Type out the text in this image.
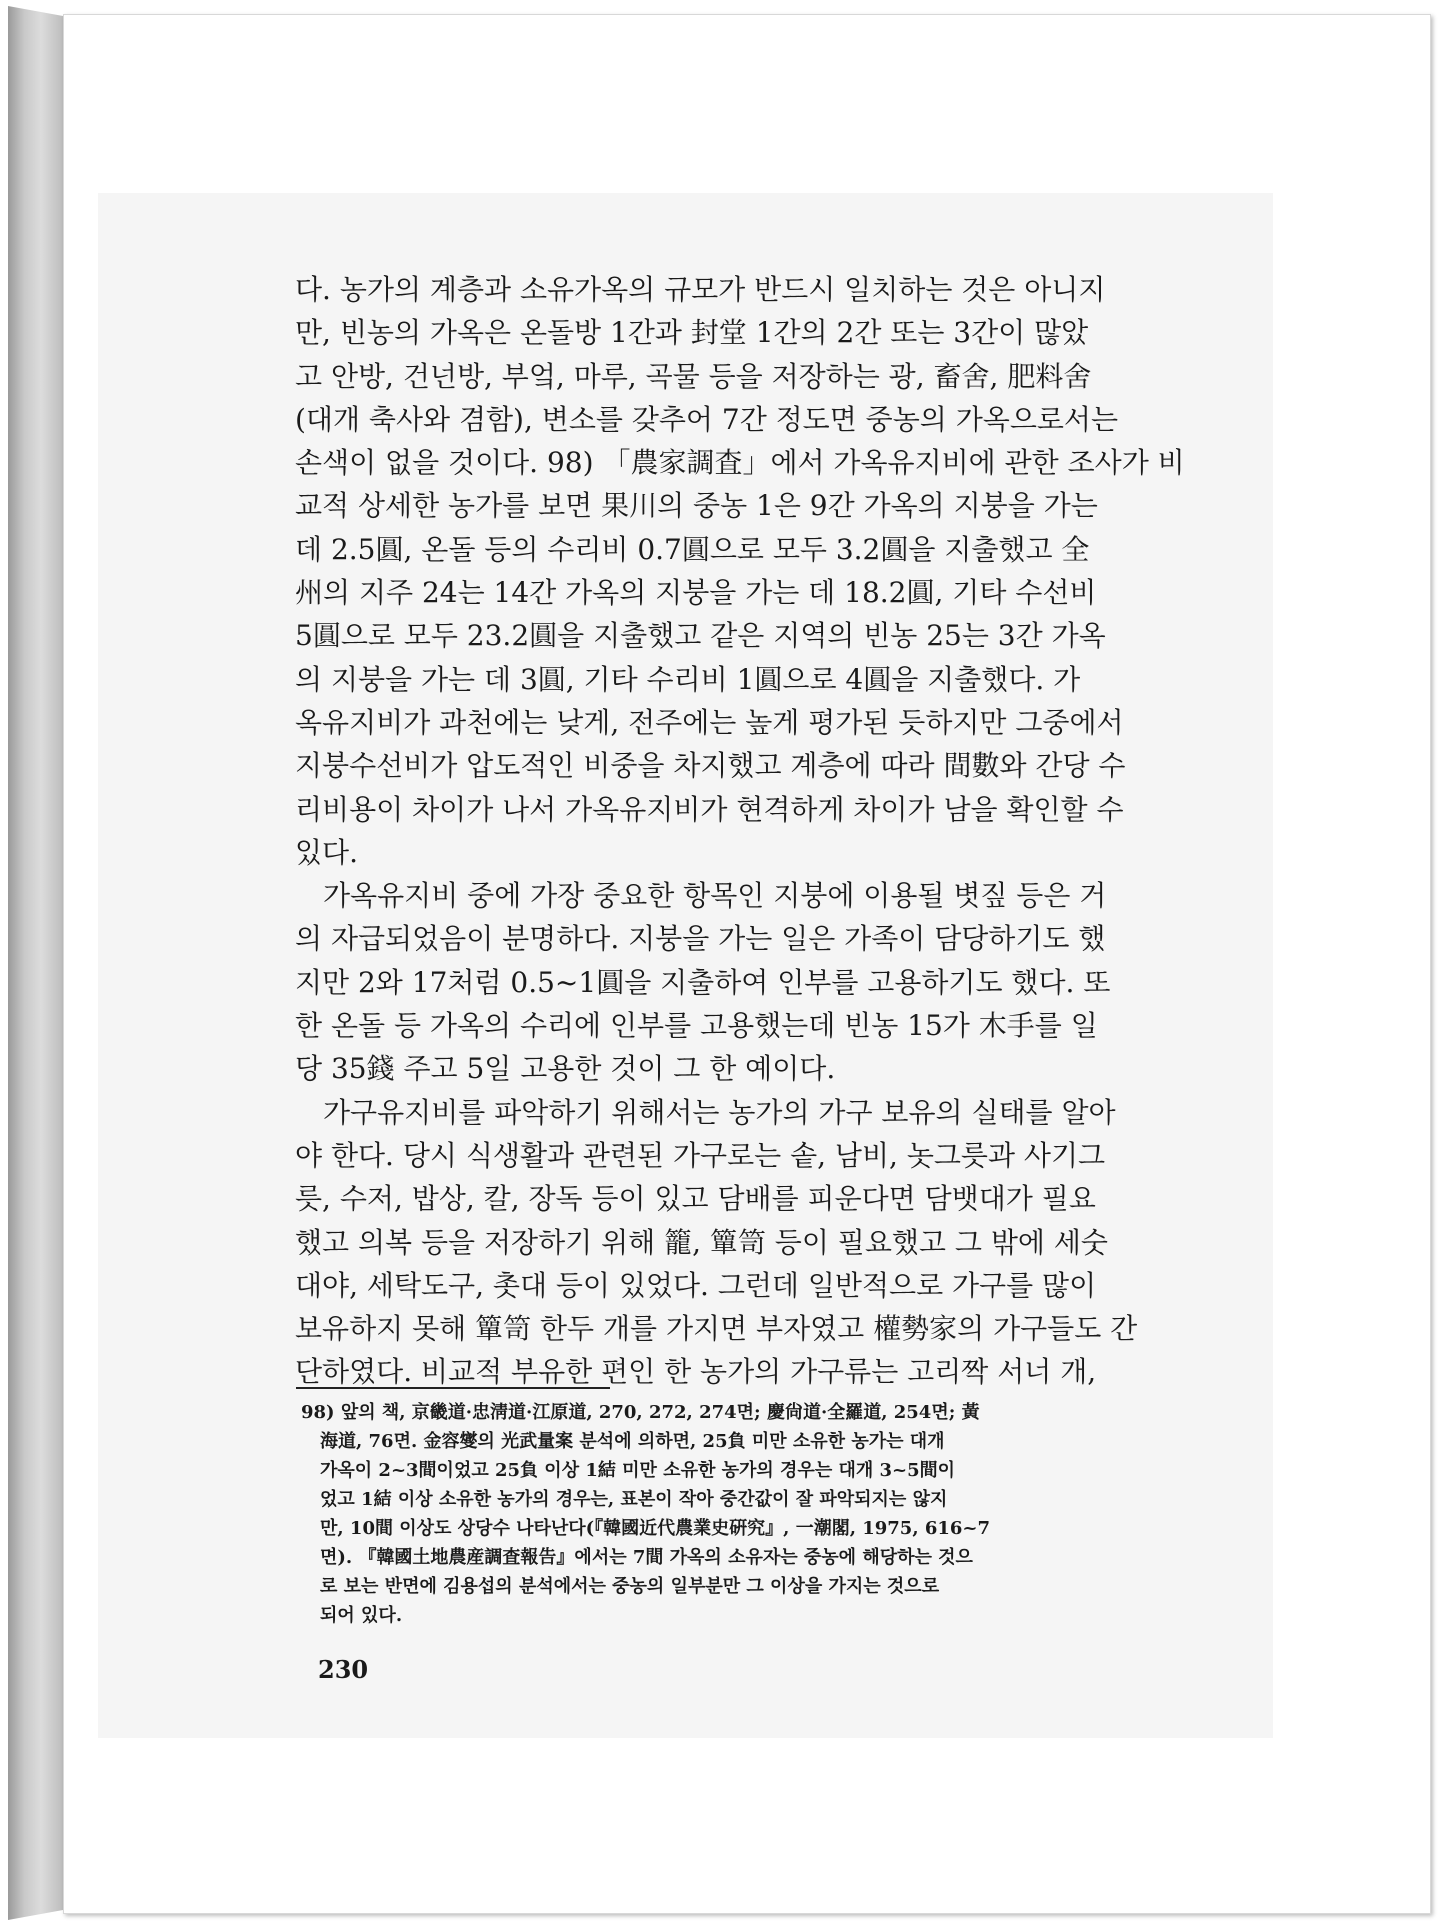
다. 농가의 계층과 소유가옥의 규모가 반드시 일치하는 것은 아니지
만, 빈농의 가옥은 온돌방 1간과 封堂 1간의 2간 또는 3간이 많았
고 안방, 건넌방, 부엌, 마루, 곡물 등을 저장하는 광, 畜舍, 肥料舍
(대개 축사와 겸함), 변소를 갖추어 7간 정도면 중농의 가옥으로서는
손색이 없을 것이다. 98) 「農家調査」에서 가옥유지비에 관한 조사가 비
교적 상세한 농가를 보면 果川의 중농 1은 9간 가옥의 지붕을 가는
데 2.5圓, 온돌 등의 수리비 0.7圓으로 모두 3.2圓을 지출했고 全
州의 지주 24는 14간 가옥의 지붕을 가는 데 18.2圓, 기타 수선비
5圓으로 모두 23.2圓을 지출했고 같은 지역의 빈농 25는 3간 가옥
의 지붕을 가는 데 3圓, 기타 수리비 1圓으로 4圓을 지출했다. 가
옥유지비가 과천에는 낮게, 전주에는 높게 평가된 듯하지만 그중에서
지붕수선비가 압도적인 비중을 차지했고 계층에 따라 間數와 간당 수
리비용이 차이가 나서 가옥유지비가 현격하게 차이가 남을 확인할 수
있다.
가옥유지비 중에 가장 중요한 항목인 지붕에 이용될 볏짚 등은 거
의 자급되었음이 분명하다. 지붕을 가는 일은 가족이 담당하기도 했
지만 2와 17처럼 0.5~1圓을 지출하여 인부를 고용하기도 했다. 또
한 온돌 등 가옥의 수리에 인부를 고용했는데 빈농 15가 木手를 일
당 35錢 주고 5일 고용한 것이 그 한 예이다.
가구유지비를 파악하기 위해서는 농가의 가구 보유의 실태를 알아
야 한다. 당시 식생활과 관련된 가구로는 솥, 남비, 놋그릇과 사기그
릇, 수저, 밥상, 칼, 장독 등이 있고 담배를 피운다면 담뱃대가 필요
했고 의복 등을 저장하기 위해 籠, 簞笥 등이 필요했고 그 밖에 세숫
대야, 세탁도구, 촛대 등이 있었다. 그런데 일반적으로 가구를 많이
보유하지 못해 簞笥 한두 개를 가지면 부자였고 權勢家의 가구들도 간
단하였다. 비교적 부유한 편인 한 농가의 가구류는 고리짝 서너 개,
98) 앞의 책, 京畿道·忠淸道·江原道, 270, 272, 274면; 慶尙道·全羅道, 254면; 黃
海道, 76면. 金容燮의 光武量案 분석에 의하면, 25負 미만 소유한 농가는 대개
가옥이 2~3間이었고 25負 이상 1結 미만 소유한 농가의 경우는 대개 3~5間이
었고 1結 이상 소유한 농가의 경우는, 표본이 작아 중간값이 잘 파악되지는 않지
만, 10間 이상도 상당수 나타난다(『韓國近代農業史硏究』, 一潮閣, 1975, 616~7
면). 『韓國土地農産調査報告』에서는 7間 가옥의 소유자는 중농에 해당하는 것으
로 보는 반면에 김용섭의 분석에서는 중농의 일부분만 그 이상을 가지는 것으로
되어 있다.
230
